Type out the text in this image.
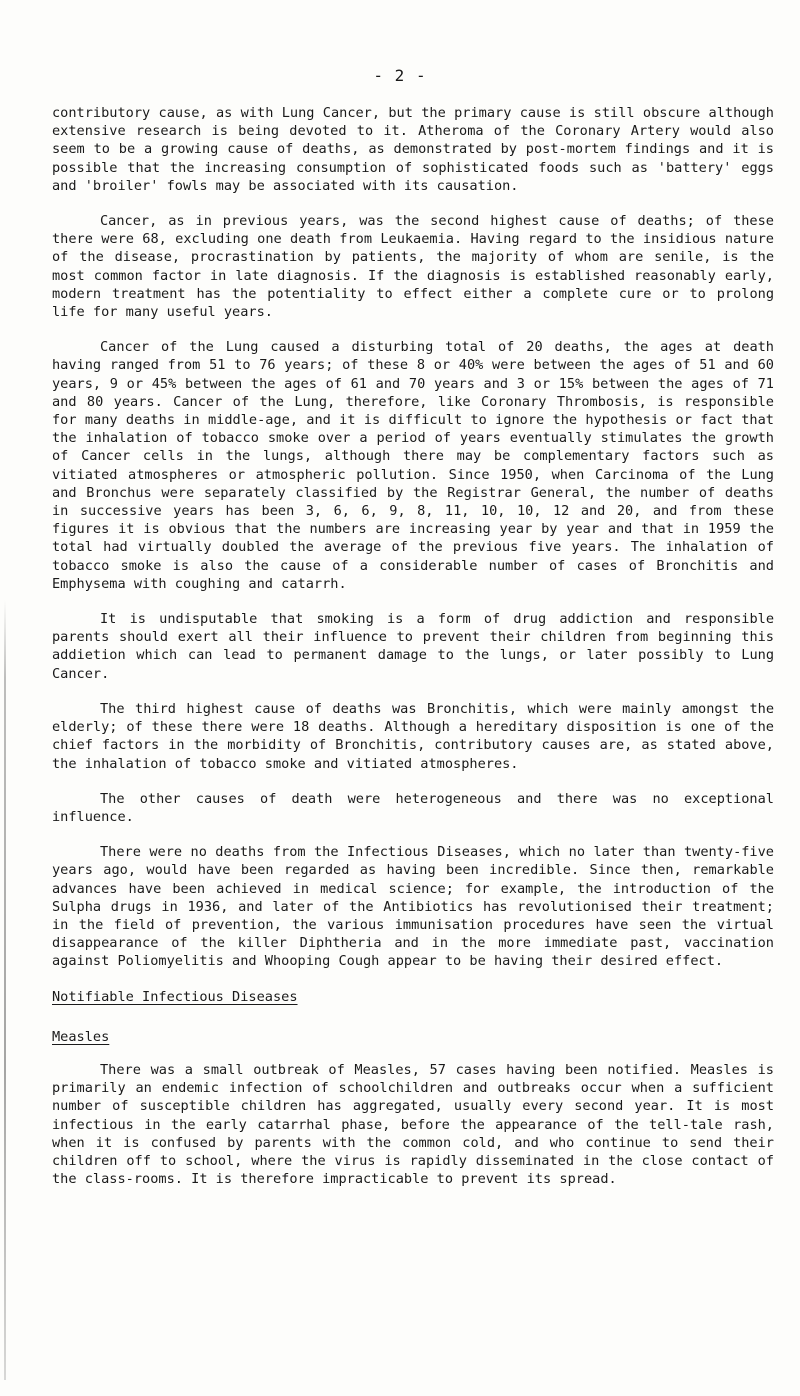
- 2 -

contributory cause, as with Lung Cancer, but the primary cause is still obscure although extensive research is being devoted to it. Atheroma of the Coronary Artery would also seem to be a growing cause of deaths, as demonstrated by post-mortem findings and it is possible that the increasing consumption of sophisticated foods such as 'battery' eggs and 'broiler' fowls may be associated with its causation.

Cancer, as in previous years, was the second highest cause of deaths; of these there were 68, excluding one death from Leukaemia. Having regard to the insidious nature of the disease, procrastination by patients, the majority of whom are senile, is the most common factor in late diagnosis. If the diagnosis is established reasonably early, modern treatment has the potentiality to effect either a complete cure or to prolong life for many useful years.

Cancer of the Lung caused a disturbing total of 20 deaths, the ages at death having ranged from 51 to 76 years; of these 8 or 40% were between the ages of 51 and 60 years, 9 or 45% between the ages of 61 and 70 years and 3 or 15% between the ages of 71 and 80 years. Cancer of the Lung, therefore, like Coronary Thrombosis, is responsible for many deaths in middle-age, and it is difficult to ignore the hypothesis or fact that the inhalation of tobacco smoke over a period of years eventually stimulates the growth of Cancer cells in the lungs, although there may be complementary factors such as vitiated atmospheres or atmospheric pollution. Since 1950, when Carcinoma of the Lung and Bronchus were separately classified by the Registrar General, the number of deaths in successive years has been 3, 6, 6, 9, 8, 11, 10, 10, 12 and 20, and from these figures it is obvious that the numbers are increasing year by year and that in 1959 the total had virtually doubled the average of the previous five years. The inhalation of tobacco smoke is also the cause of a considerable number of cases of Bronchitis and Emphysema with coughing and catarrh.

It is undisputable that smoking is a form of drug addiction and responsible parents should exert all their influence to prevent their children from beginning this addietion which can lead to permanent damage to the lungs, or later possibly to Lung Cancer.

The third highest cause of deaths was Bronchitis, which were mainly amongst the elderly; of these there were 18 deaths. Although a hereditary disposition is one of the chief factors in the morbidity of Bronchitis, contributory causes are, as stated above, the inhalation of tobacco smoke and vitiated atmospheres.

The other causes of death were heterogeneous and there was no exceptional influence.

There were no deaths from the Infectious Diseases, which no later than twenty-five years ago, would have been regarded as having been incredible. Since then, remarkable advances have been achieved in medical science; for example, the introduction of the Sulpha drugs in 1936, and later of the Antibiotics has revolutionised their treatment; in the field of prevention, the various immunisation procedures have seen the virtual disappearance of the killer Diphtheria and in the more immediate past, vaccination against Poliomyelitis and Whooping Cough appear to be having their desired effect.

Notifiable Infectious Diseases

Measles

There was a small outbreak of Measles, 57 cases having been notified. Measles is primarily an endemic infection of schoolchildren and outbreaks occur when a sufficient number of susceptible children has aggregated, usually every second year. It is most infectious in the early catarrhal phase, before the appearance of the tell-tale rash, when it is confused by parents with the common cold, and who continue to send their children off to school, where the virus is rapidly disseminated in the close contact of the class-rooms. It is therefore impracticable to prevent its spread.
